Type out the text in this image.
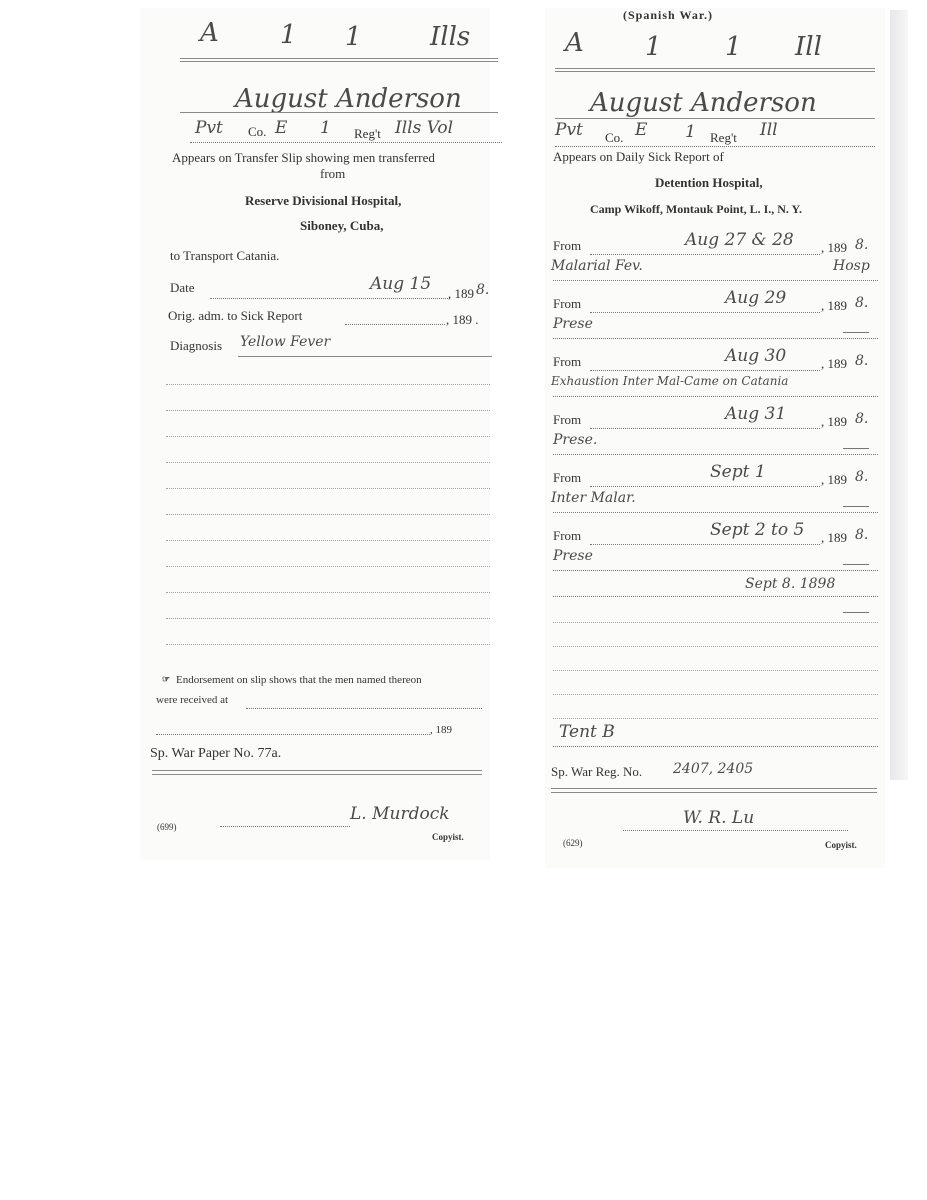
A 1 1	Ills
August Anderson
Pvt Co. E 1 Reg't Ills Vol
Appears on Transfer Slip showing men transferred
from
Reserve Divisional Hospital,
Siboney, Cuba,
to Transport Catania.
Date	Aug 15 , 189 8.
Orig. adm. to Sick Report	, 189 .
Diagnosis Yellow Fever
☞ Endorsement on slip shows that the men named thereon
were received at
, 189
Sp. War Paper No. 77a.
(699)
L. Murdock
Copyist.
(Spanish War.)
A 1 1 Ill
August Anderson
Pvt Co. E 1 Reg't Ill
Appears on Daily Sick Report of
Detention Hospital,
Camp Wikoff, Montauk Point, L. I., N. Y.
From	Aug 27 & 28 , 189 8.
Malarial Fev.	Hosp
From	Aug 29	, 189 8.
Prese
From	Aug 30	, 189 8.
Exhaustion Inter Mal-Came on Catania
From	Aug 31	, 189 8.
Prese.
From	Sept 1	, 189 8.
Inter Malar.
From	Sept 2 to 5 , 189 8.
Prese
Sept 8. 1898
Tent B
Sp. War Reg. No. 2407, 2405
(629)
W. R. Lu
Copyist.
